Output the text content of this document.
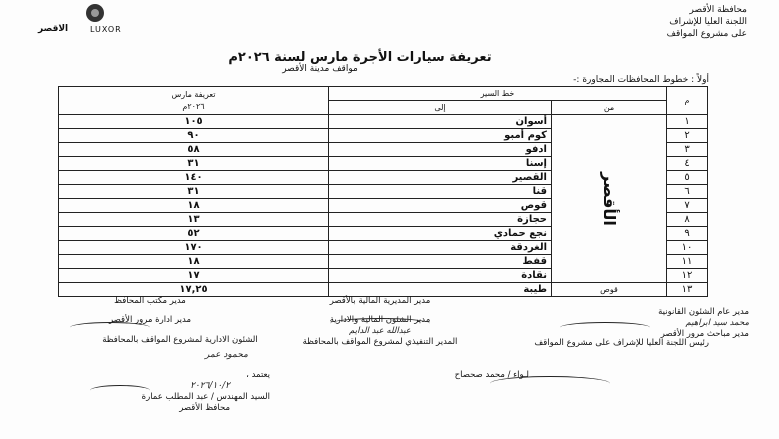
الاقصر	LUXOR
محافظة الأقصر
اللجنة العليا للإشراف
على مشروع المواقف
تعريفة سيارات الأجرة مارس لسنة ٢٠٢٦م
مواقف مدينة الأقصر
أولاً : خطوط المحافظات المجاورة :-
م	خط السير		تعريفة مارس
٢٠٢٦م

	من	إلى	
١	الأقصر	أسوان	١٠٥
٢		كوم أمبو	٩٠
٣		ادفو	٥٨
٤		إسنا	٣١
٥		القصير	١٤٠
٦		قنا	٣١
٧		قوص	١٨
٨		حجازة	١٣
٩		نجع حمادي	٥٢
١٠		الغردقة	١٧٠
١١		قفط	١٨
١٢		نقادة	١٧
١٣	قوص	طيبة	١٧,٢٥
مدير المديرية المالية بالأقصر
مدير الشئون المالية والادارية
عبدالله عبد الدايم
المدير التنفيذي لمشروع المواقف بالمحافظة
مدير مكتب المحافظ
مدير ادارة مرور الأقصر
الشئون الادارية لمشروع المواقف بالمحافظة
مدير عام الشئون القانونية
محمد سيد ابراهيم
مدير مباحث مرور الأقصر
رئيس اللجنة العليا للإشراف على مشروع المواقف
لـواء / محمد صحصاح
محمود عمر
يعتمد ،
٢٠٢٦/١٠/٢
السيد المهندس / عبد المطلب عمارة
محافظ الأقصر
